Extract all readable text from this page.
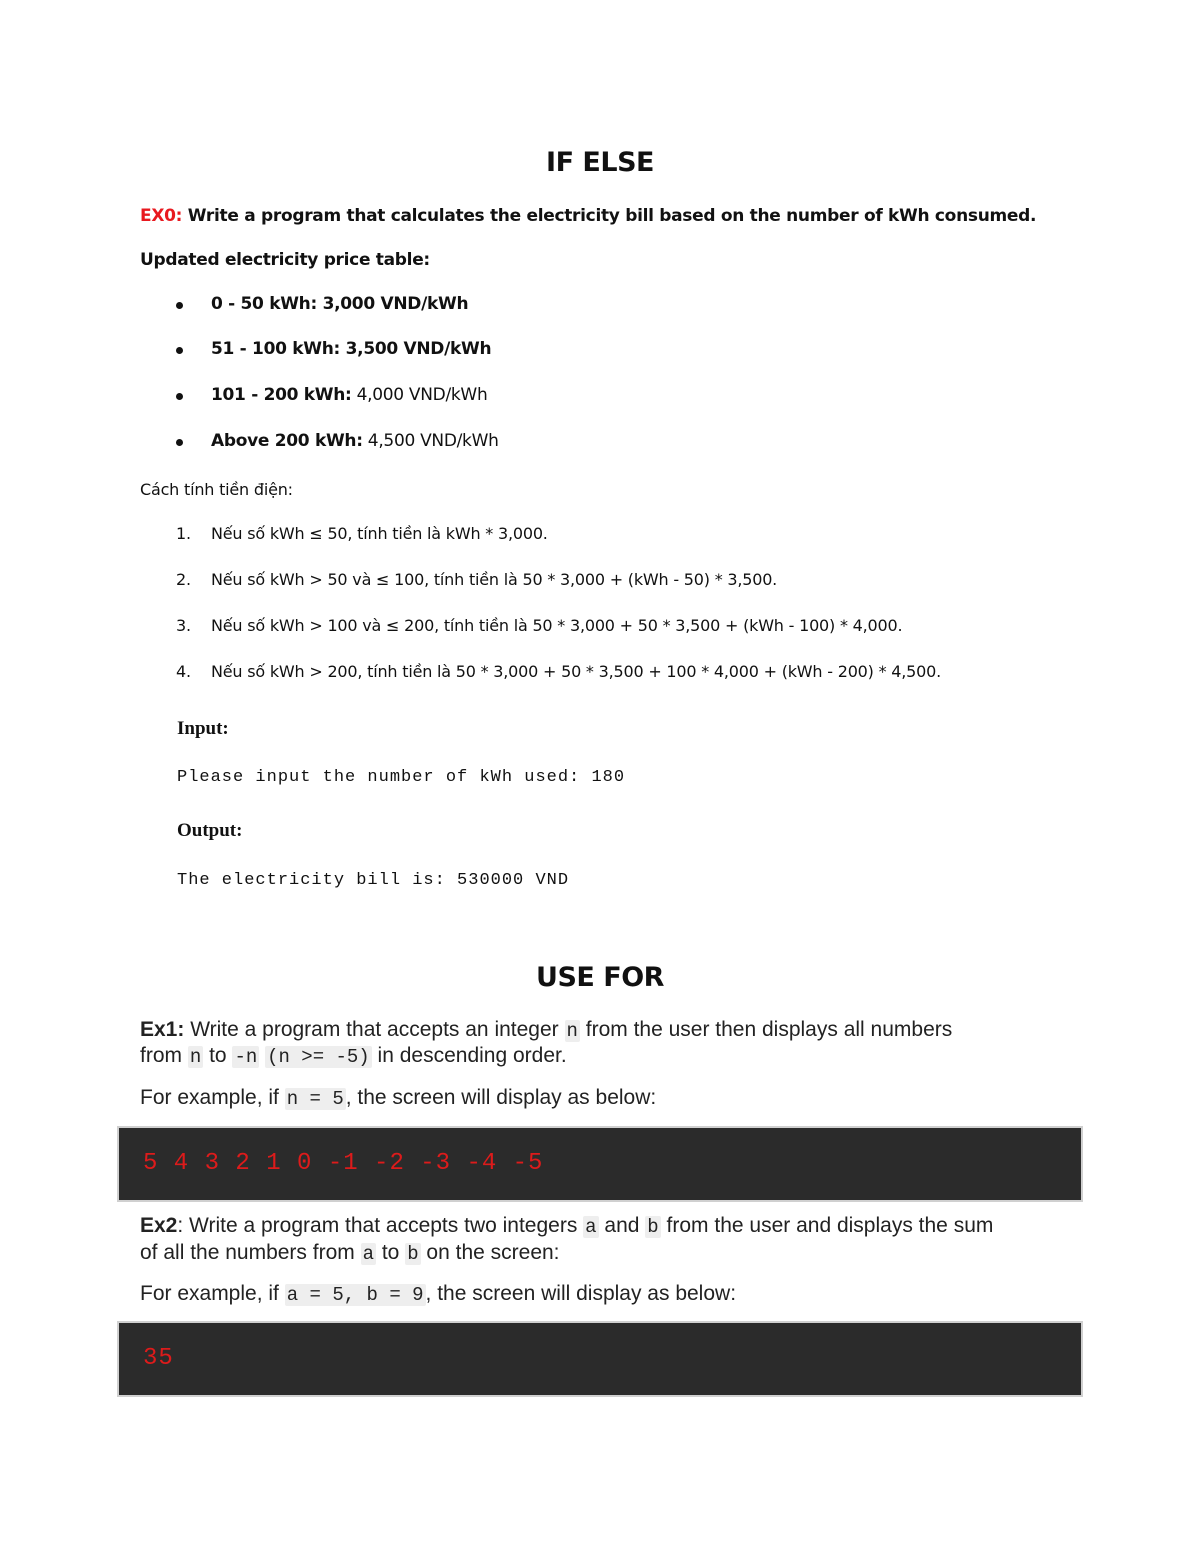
IF ELSE
EX0: Write a program that calculates the electricity bill based on the number of kWh consumed.
Updated electricity price table:
0 - 50 kWh: 3,000 VND/kWh
51 - 100 kWh: 3,500 VND/kWh
101 - 200 kWh: 4,000 VND/kWh
Above 200 kWh: 4,500 VND/kWh
Cách tính tiền điện:
1. Nếu số kWh ≤ 50, tính tiền là kWh * 3,000.
2. Nếu số kWh > 50 và ≤ 100, tính tiền là 50 * 3,000 + (kWh - 50) * 3,500.
3. Nếu số kWh > 100 và ≤ 200, tính tiền là 50 * 3,000 + 50 * 3,500 + (kWh - 100) * 4,000.
4. Nếu số kWh > 200, tính tiền là 50 * 3,000 + 50 * 3,500 + 100 * 4,000 + (kWh - 200) * 4,500.
Input:
Please input the number of kWh used: 180
Output:
The electricity bill is: 530000 VND
USE FOR
Ex1: Write a program that accepts an integer n from the user then displays all numbers
from n to -n (n >= -5) in descending order.
For example, if n = 5, the screen will display as below:
5 4 3 2 1 0 -1 -2 -3 -4 -5
Ex2: Write a program that accepts two integers a and b from the user and displays the sum
of all the numbers from a to b on the screen:
For example, if a = 5, b = 9, the screen will display as below:
35
